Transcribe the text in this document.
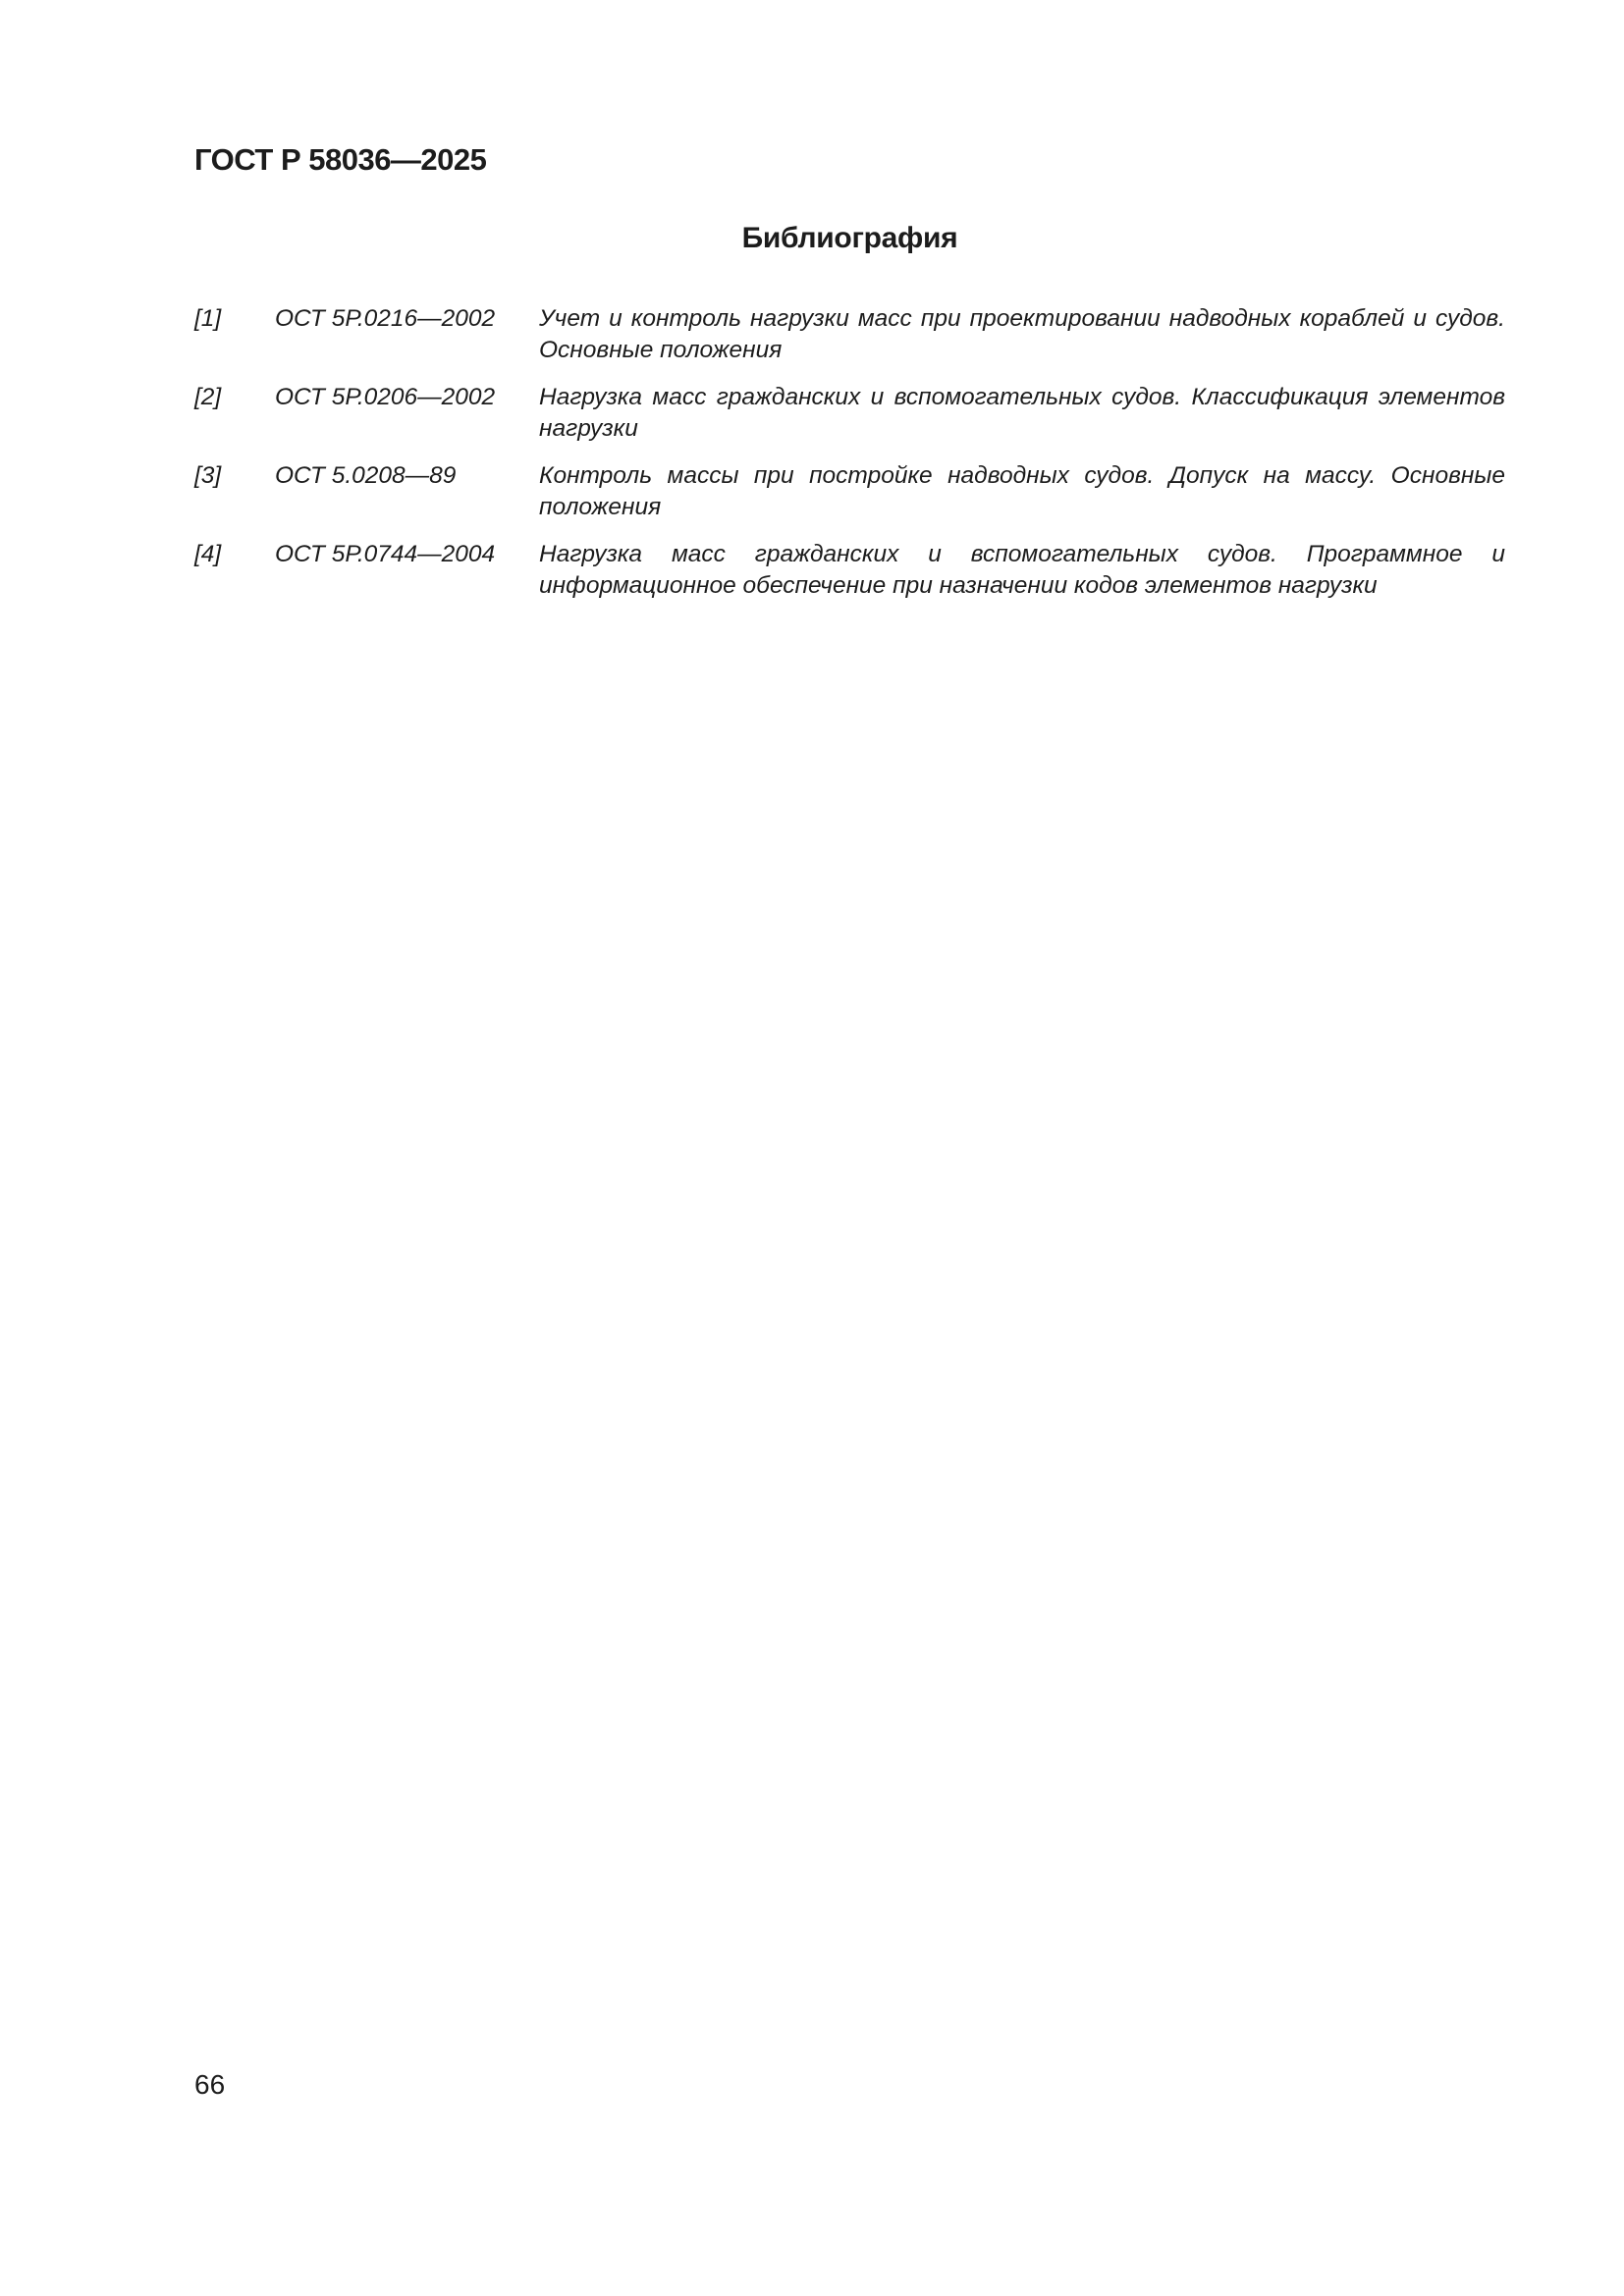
ГОСТ Р 58036—2025
Библиография
[1]	ОСТ 5Р.0216—2002	Учет и контроль нагрузки масс при проектировании надводных кораблей и судов. Основные положения
[2]	ОСТ 5Р.0206—2002	Нагрузка масс гражданских и вспомогательных судов. Классификация элементов нагрузки
[3]	ОСТ 5.0208—89	Контроль массы при постройке надводных судов. Допуск на массу. Основные положения
[4]	ОСТ 5Р.0744—2004	Нагрузка масс гражданских и вспомогательных судов. Программное и информационное обеспечение при назначении кодов элементов нагрузки
66
